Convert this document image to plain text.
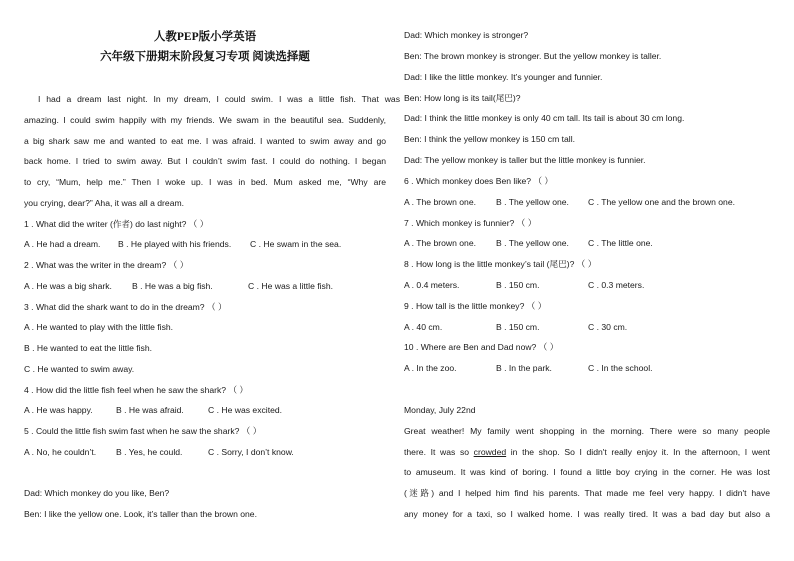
人教PEP版小学英语
六年级下册期末阶段复习专项 阅读选择题
I had a dream last night. In my dream, I could swim. I was a little fish. That was
amazing. I could swim happily with my friends. We swam in the beautiful sea. Suddenly,
a big shark saw me and wanted to eat me. I was afraid. I wanted to swim away and go
back home. I tried to swim away. But I couldn’t swim fast. I could do nothing. I began
to cry, “Mum, help me.” Then I woke up. I was in bed. Mum asked me, “Why are
you crying, dear?” Aha, it was all a dream.
1 . What did the writer (作者) do last night? （ ）
A . He had a dream. B . He played with his friends. C . He swam in the sea.
2 . What was the writer in the dream? （ ）
A . He was a big shark. B . He was a big fish.	C . He was a little fish.
3 . What did the shark want to do in the dream? （ ）
A . He wanted to play with the little fish.
B . He wanted to eat the little fish.
C . He wanted to swim away.
4 . How did the little fish feel when he saw the shark? （ ）
A . He was happy.	B . He was afraid.	C . He was excited.
5 . Could the little fish swim fast when he saw the shark? （ ）
A . No, he couldn’t. B . Yes, he could.	C . Sorry, I don’t know.
Dad: Which monkey do you like, Ben?
Ben: I like the yellow one. Look, it’s taller than the brown one.
Dad: Which monkey is stronger?
Ben: The brown monkey is stronger. But the yellow monkey is taller.
Dad: I like the little monkey. It’s younger and funnier.
Ben: How long is its tail(尾巴)?
Dad: I think the little monkey is only 40 cm tall. Its tail is about 30 cm long.
Ben: I think the yellow monkey is 150 cm tall.
Dad: The yellow monkey is taller but the little monkey is funnier.
6 . Which monkey does Ben like? （ ）
A . The brown one. B . The yellow one. C . The yellow one and the brown one.
7 . Which monkey is funnier? （ ）
A . The brown one. B . The yellow one. C . The little one.
8 . How long is the little monkey’s tail (尾巴)? （ ）
A . 0.4 meters.	B . 150 cm.	C . 0.3 meters.
9 . How tall is the little monkey? （ ）
A . 40 cm.	B . 150 cm.	C . 30 cm.
10 . Where are Ben and Dad now? （ ）
A . In the zoo.	B . In the park.	C . In the school.
Monday, July 22nd
Great weather! My family went shopping in the morning. There were so many people
there. It was so crowded in the shop. So I didn't really enjoy it. In the afternoon, I went
to amuseum. It was kind of boring. I found a little boy crying in the corner. He was lost
(迷路) and I helped him find his parents. That made me feel very happy. I didn't have
any money for a taxi, so I walked home. I was really tired. It was a bad day but also a
